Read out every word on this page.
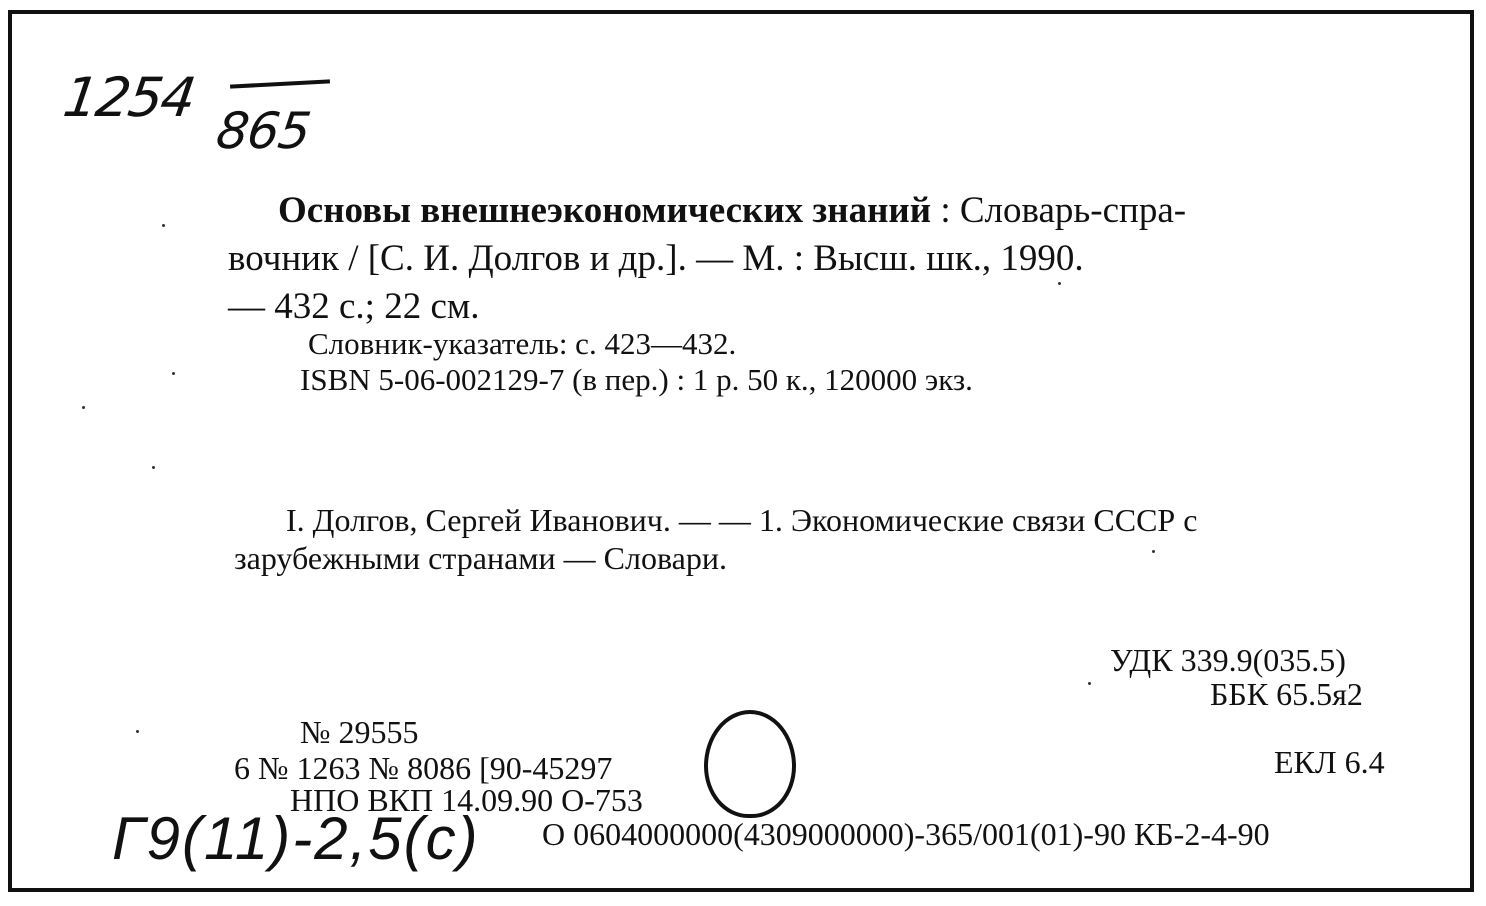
1254
865
Основы внешнеэкономических знаний : Словарь-спра-
вочник / [С. И. Долгов и др.]. — М. : Высш. шк., 1990.
— 432 с.; 22 см.
Словник-указатель: с. 423—432.
ISBN 5-06-002129-7 (в пер.) : 1 р. 50 к., 120000 экз.
I. Долгов, Сергей Иванович. — — 1. Экономические связи СССР с
зарубежными странами — Словари.
УДК 339.9(035.5)
ББК 65.5я2
ЕКЛ 6.4
№ 29555
6 № 1263 № 8086 [90-45297
НПО ВКП 14.09.90 О-753
О 0604000000(4309000000)-365/001(01)-90 КБ-2-4-90
Г9(11)-2,5(с)
